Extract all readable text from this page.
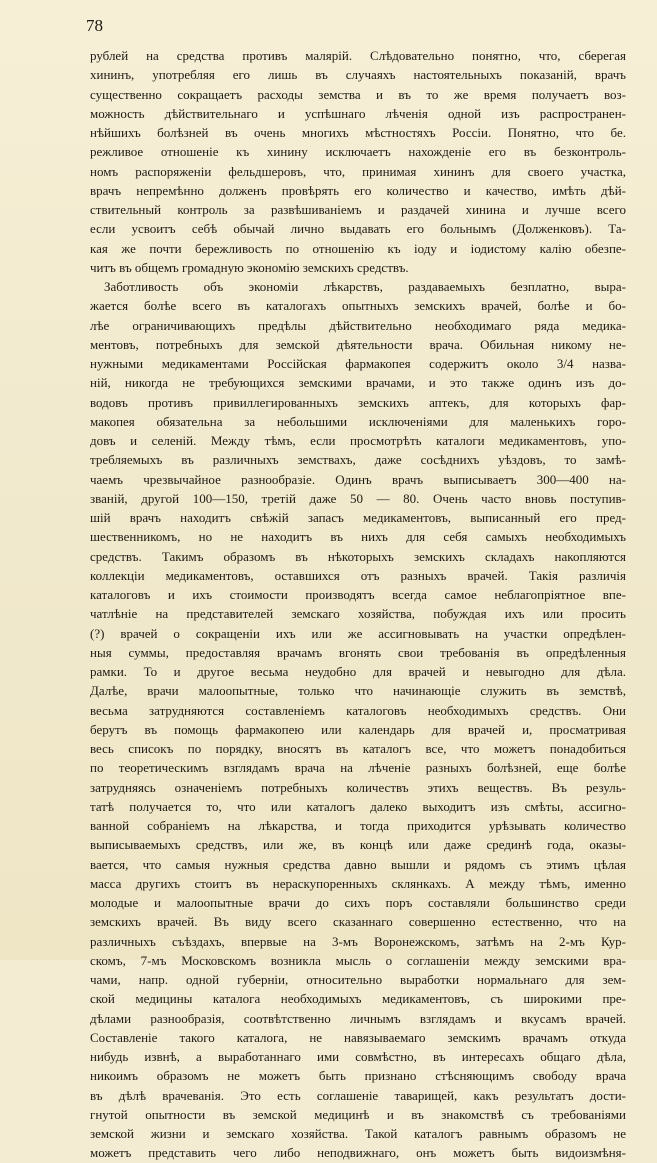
78
рублей на средства противъ малярiй. Слѣдовательно понятно, что, сберегая
хининъ, употребляя его лишь въ случаяхъ настоятельныхъ показанiй, врачъ
существенно сокращаетъ расходы земства и въ то же время получаетъ воз-
можность дѣйствительнаго и успѣшнаго лѣченiя одной изъ распространен-
нѣйшихъ болѣзней въ очень многихъ мѣстностяхъ Россiи. Понятно, что бе.
режливое отношенiе къ хинину исключаетъ нахожденiе его въ безконтроль-
номъ распоряженiи фельдшеровъ, что, принимая хининъ для своего участка,
врачъ непремѣнно долженъ провѣрять его количество и качество, имѣть дѣй-
ствительный контроль за развѣшиванiемъ и раздачей хинина и лучше всего
если усвоитъ себѣ обычай лично выдавать его больнымъ (Долженковъ). Та-
кая же почти бережливость по отношенiю къ iоду и iодистому калiю обезпе-
читъ въ общемъ громадную экономiю земскихъ средствъ.
Заботливость объ экономiи лѣкарствъ, раздаваемыхъ безплатно, выра-
жается болѣе всего въ каталогахъ опытныхъ земскихъ врачей, болѣе и бо-
лѣе ограничивающихъ предѣлы дѣйствительно необходимаго ряда медика-
ментовъ, потребныхъ для земской дѣятельности врача. Обильная никому не-
нужными медикаментами Россiйская фармакопея содержитъ около 3/4 назва-
нiй, никогда не требующихся земскими врачами, и это также одинъ изъ до-
водовъ противъ привиллегированныхъ земскихъ аптекъ, для которыхъ фар-
макопея обязательна за небольшими исключенiями для маленькихъ горо-
довъ и селенiй. Между тѣмъ, если просмотрѣть каталоги медикаментовъ, упо-
требляемыхъ въ различныхъ земствахъ, даже сосѣднихъ уѣздовъ, то замѣ-
чаемъ чрезвычайное разнообразiе. Одинъ врачъ выписываетъ 300—400 на-
званiй, другой 100—150, третiй даже 50 — 80. Очень часто вновь поступив-
шiй врачъ находитъ свѣжiй запасъ медикаментовъ, выписанный его пред-
шественникомъ, но не находитъ въ нихъ для себя самыхъ необходимыхъ
средствъ. Такимъ образомъ въ нѣкоторыхъ земскихъ складахъ накопляются
коллекцiи медикаментовъ, оставшихся отъ разныхъ врачей. Такiя различiя
каталоговъ и ихъ стоимости производятъ всегда самое неблагопрiятное впе-
чатлѣнiе на представителей земскаго хозяйства, побуждая ихъ или просить
(?) врачей о сокращенiи ихъ или же ассигновывать на участки опредѣлен-
ныя суммы, предоставляя врачамъ вгонять свои требованiя въ опредѣленныя
рамки. То и другое весьма неудобно для врачей и невыгодно для дѣла.
Далѣе, врачи малоопытные, только что начинающiе служить въ земствѣ,
весьма затрудняются составленiемъ каталоговъ необходимыхъ средствъ. Они
берутъ въ помощь фармакопею или календарь для врачей и, просматривая
весь списокъ по порядку, вносятъ въ каталогъ все, что можетъ понадобиться
по теоретическимъ взглядамъ врача на лѣченiе разныхъ болѣзней, еще болѣе
затрудняясь означенiемъ потребныхъ количествъ этихъ веществъ. Въ резуль-
татѣ получается то, что или каталогъ далеко выходитъ изъ смѣты, ассигно-
ванной собранiемъ на лѣкарства, и тогда приходится урѣзывать количество
выписываемыхъ средствъ, или же, въ концѣ или даже срединѣ года, оказы-
вается, что самыя нужныя средства давно вышли и рядомъ съ этимъ цѣлая
масса другихъ стоитъ въ нераскупоренныхъ склянкахъ. А между тѣмъ, именно
молодые и малоопытные врачи до сихъ поръ составляли большинство среди
земскихъ врачей. Въ виду всего сказаннаго совершенно естественно, что на
различныхъ съѣздахъ, впервые на 3-мъ Воронежскомъ, затѣмъ на 2-мъ Кур-
скомъ, 7-мъ Московскомъ возникла мысль о соглашенiи между земскими вра-
чами, напр. одной губернiи, относительно выработки нормальнаго для зем-
ской медицины каталога необходимыхъ медикаментовъ, съ широкими пре-
дѣлами разнообразiя, соотвѣтственно личнымъ взглядамъ и вкусамъ врачей.
Составленiе такого каталога, не навязываемаго земскимъ врачамъ откуда
нибудь извнѣ, а выработаннаго ими совмѣстно, въ интересахъ общаго дѣла,
никоимъ образомъ не можетъ быть признано стѣсняющимъ свободу врача
въ дѣлѣ врачеванiя. Это есть соглашенiе таварищей, какъ результатъ дости-
гнутой опытности въ земской медицинѣ и въ знакомствѣ съ требованiями
земской жизни и земскаго хозяйства. Такой каталогъ равнымъ образомъ не
можетъ представить чего либо неподвижнаго, онъ можетъ быть видоизмѣня-
